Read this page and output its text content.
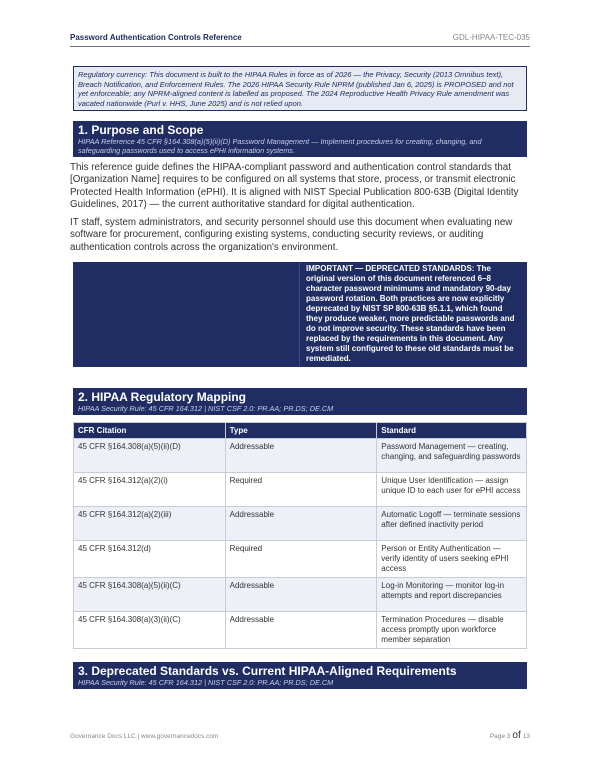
Password Authentication Controls Reference	GDL-HIPAA-TEC-035
Regulatory currency: This document is built to the HIPAA Rules in force as of 2026 — the Privacy, Security (2013 Omnibus text), Breach Notification, and Enforcement Rules. The 2026 HIPAA Security Rule NPRM (published Jan 6, 2025) is PROPOSED and not yet enforceable; any NPRM-aligned content is labelled as proposed. The 2024 Reproductive Health Privacy Rule amendment was vacated nationwide (Purl v. HHS, June 2025) and is not relied upon.
1. Purpose and Scope
HIPAA Reference 45 CFR §164.308(a)(5)(ii)(D) Password Management — Implement procedures for creating, changing, and safeguarding passwords used to access ePHI information systems.

This reference guide defines the HIPAA-compliant password and authentication control standards that [Organization Name] requires to be configured on all systems that store, process, or transmit electronic Protected Health Information (ePHI). It is aligned with NIST Special Publication 800-63B (Digital Identity Guidelines, 2017) — the current authoritative standard for digital authentication.

IT staff, system administrators, and security personnel should use this document when evaluating new software for procurement, configuring existing systems, conducting security reviews, or auditing authentication controls across the organization's environment.

IMPORTANT — DEPRECATED STANDARDS: The original version of this document referenced 6–8 character password minimums and mandatory 90-day password rotation. Both practices are now explicitly deprecated by NIST SP 800-63B §5.1.1, which found they produce weaker, more predictable passwords and do not improve security. These standards have been replaced by the requirements in this document. Any system still configured to these old standards must be remediated.
2. HIPAA Regulatory Mapping
HIPAA Security Rule: 45 CFR 164.312 | NIST CSF 2.0: PR.AA; PR.DS; DE.CM
CFR Citation	Type	Standard
45 CFR §164.308(a)(5)(ii)(D)	Addressable	Password Management — creating, changing, and safeguarding passwords
45 CFR §164.312(a)(2)(i)	Required	Unique User Identification — assign unique ID to each user for ePHI access
45 CFR §164.312(a)(2)(iii)	Addressable	Automatic Logoff — terminate sessions after defined inactivity period
45 CFR §164.312(d)	Required	Person or Entity Authentication — verify identity of users seeking ePHI access
45 CFR §164.308(a)(5)(ii)(C)	Addressable	Log-in Monitoring — monitor log-in attempts and report discrepancies
45 CFR §164.308(a)(3)(ii)(C)	Addressable	Termination Procedures — disable access promptly upon workforce member separation
3. Deprecated Standards vs. Current HIPAA-Aligned Requirements
HIPAA Security Rule: 45 CFR 164.312 | NIST CSF 2.0: PR.AA; PR.DS; DE.CM
Governance Docs LLC | www.governancedocs.com	Page 3 of 13
